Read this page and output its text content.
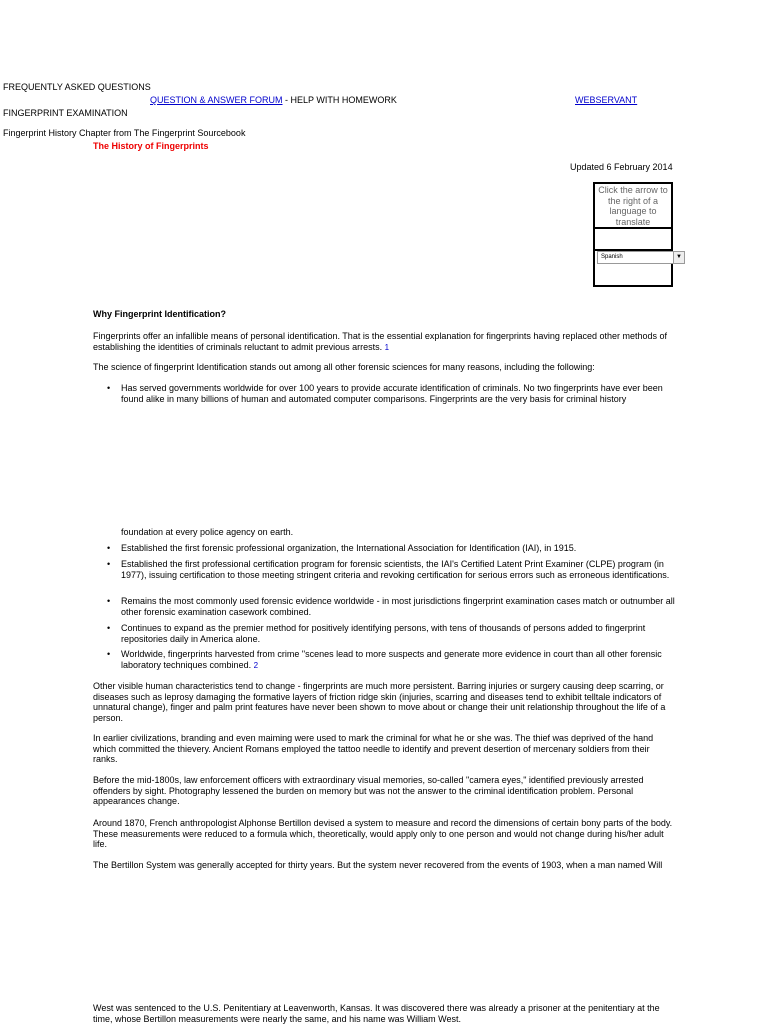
FREQUENTLY ASKED QUESTIONS
QUESTION & ANSWER FORUM - HELP WITH HOMEWORK	WEBSERVANT
FINGERPRINT EXAMINATION
Fingerprint History Chapter from The Fingerprint Sourcebook
The History of Fingerprints
Updated 6 February 2014
Click the arrow to the right of a language to translate
Spanish	▼
Why Fingerprint Identification?
Fingerprints offer an infallible means of personal identification. That is the essential explanation for fingerprints having replaced other methods of establishing the identities of criminals reluctant to admit previous arrests. 1
The science of fingerprint Identification stands out among all other forensic sciences for many reasons, including the following:
• Has served governments worldwide for over 100 years to provide accurate identification of criminals. No two fingerprints have ever been found alike in many billions of human and automated computer comparisons. Fingerprints are the very basis for criminal history
foundation at every police agency on earth.
• Established the first forensic professional organization, the International Association for Identification (IAI), in 1915.
• Established the first professional certification program for forensic scientists, the IAI's Certified Latent Print Examiner (CLPE) program (in 1977), issuing certification to those meeting stringent criteria and revoking certification for serious errors such as erroneous identifications.
• Remains the most commonly used forensic evidence worldwide - in most jurisdictions fingerprint examination cases match or outnumber all other forensic examination casework combined.
• Continues to expand as the premier method for positively identifying persons, with tens of thousands of persons added to fingerprint repositories daily in America alone.
• Worldwide, fingerprints harvested from crime "scenes lead to more suspects and generate more evidence in court than all other forensic laboratory techniques combined. 2
Other visible human characteristics tend to change - fingerprints are much more persistent. Barring injuries or surgery causing deep scarring, or diseases such as leprosy damaging the formative layers of friction ridge skin (injuries, scarring and diseases tend to exhibit telltale indicators of unnatural change), finger and palm print features have never been shown to move about or change their unit relationship throughout the life of a person.
In earlier civilizations, branding and even maiming were used to mark the criminal for what he or she was. The thief was deprived of the hand which committed the thievery. Ancient Romans employed the tattoo needle to identify and prevent desertion of mercenary soldiers from their ranks.
Before the mid-1800s, law enforcement officers with extraordinary visual memories, so-called "camera eyes," identified previously arrested offenders by sight. Photography lessened the burden on memory but was not the answer to the criminal identification problem. Personal appearances change.
Around 1870, French anthropologist Alphonse Bertillon devised a system to measure and record the dimensions of certain bony parts of the body. These measurements were reduced to a formula which, theoretically, would apply only to one person and would not change during his/her adult life.
The Bertillon System was generally accepted for thirty years. But the system never recovered from the events of 1903, when a man named Will
West was sentenced to the U.S. Penitentiary at Leavenworth, Kansas. It was discovered there was already a prisoner at the penitentiary at the time, whose Bertillon measurements were nearly the same, and his name was William West.
